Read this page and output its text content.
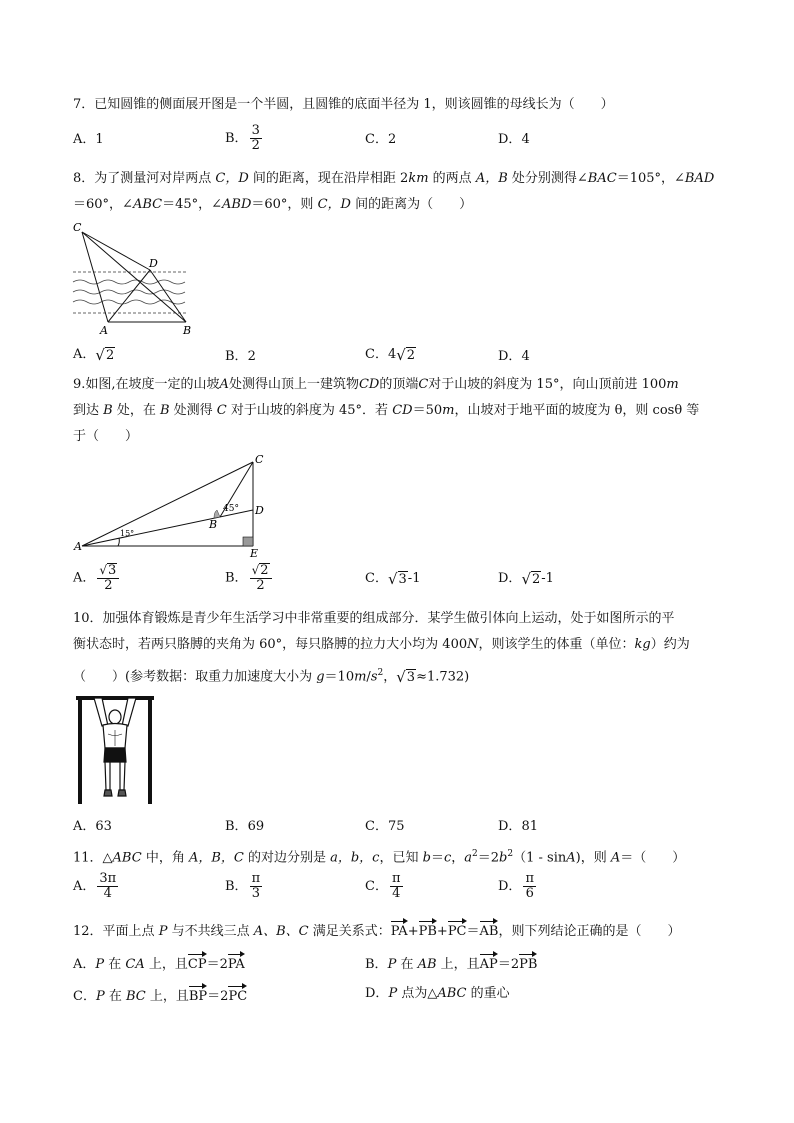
7．已知圆锥的侧面展开图是一个半圆，且圆锥的底面半径为 1，则该圆锥的母线长为（　　）
A．1	B． $\frac{3}{2}$	C．2	D．4
8．为了测量河对岸两点 C，D 间的距离，现在沿岸相距 2km 的两点 A，B 处分别测得∠BAC＝105°，∠BAD
＝60°，∠ABC＝45°，∠ABD＝60°，则 C，D 间的距离为（　　）
C
D
A	B
A． √ 2	B．2	C．4 √ 2	D．4
9.如图,在坡度一定的山坡A处测得山顶上一建筑物CD的顶端C对于山坡的斜度为 15°，向山顶前进 100m
到达 B 处，在 B 处测得 C 对于山坡的斜度为 45°．若 CD＝50m，山坡对于地平面的坡度为 θ，则 cosθ 等
于（　　）
C
D
B
A
E
45°
15°
A． $\frac{√ 3}{2}$	B． $\frac{√ 2}{2}$	C． √ 3 -1	D． √ 2 -1
10．加强体育锻炼是青少年生活学习中非常重要的组成部分．某学生做引体向上运动，处于如图所示的平
衡状态时，若两只胳膊的夹角为 60°，每只胳膊的拉力大小均为 400N，则该学生的体重（单位：kg）约为
（　　）(参考数据：取重力加速度大小为 $g=10m/s^2$， √ 3 ≈1.732)
A．63	B．69	C．75	D．81
11．△ABC 中，角 A，B，C 的对边分别是 a，b，c，已知 b＝c，$a^2=2b^2(1 - \sin A)$，则 A＝（　　）
A． $\frac{3\pi}{4}$	B． $\frac{\pi}{3}$	C． $\frac{\pi}{4}$	D． $\frac{\pi}{6}$
12．平面上点 P 与不共线三点 A、B、C 满足关系式：PA+PB+PC＝AB，则下列结论正确的是（　　）
A．P 在 CA 上，且CP＝2PA	B．P 在 AB 上，且AP＝2PB
C．P 在 BC 上，且BP＝2PC	D．P 点为△ABC 的重心
